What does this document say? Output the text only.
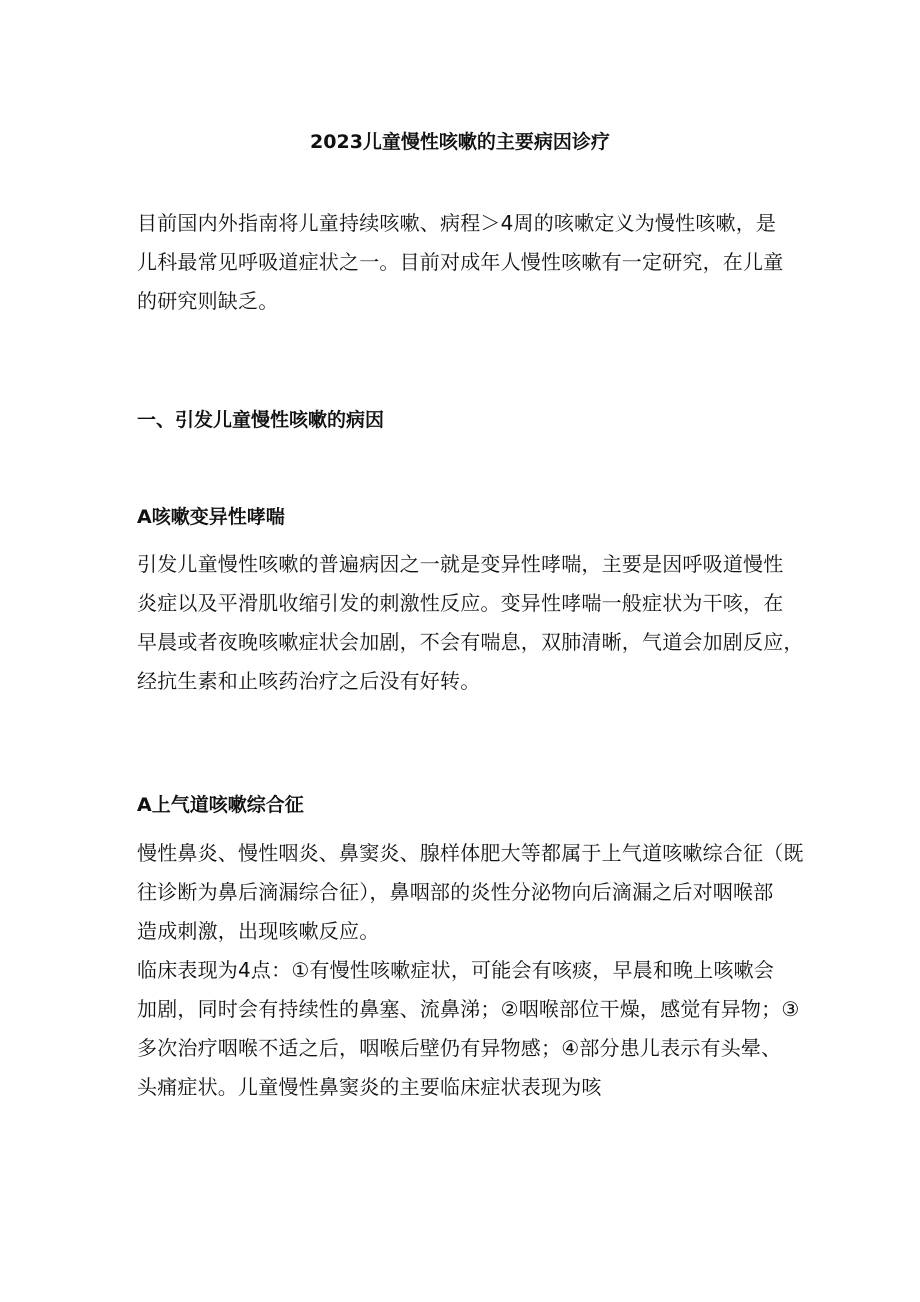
2023儿童慢性咳嗽的主要病因诊疗
目前国内外指南将儿童持续咳嗽、病程＞4周的咳嗽定义为慢性咳嗽，是
儿科最常见呼吸道症状之一。目前对成年人慢性咳嗽有一定研究，在儿童
的研究则缺乏。
一、引发儿童慢性咳嗽的病因
A咳嗽变异性哮喘
引发儿童慢性咳嗽的普遍病因之一就是变异性哮喘，主要是因呼吸道慢性
炎症以及平滑肌收缩引发的刺激性反应。变异性哮喘一般症状为干咳，在
早晨或者夜晚咳嗽症状会加剧，不会有喘息，双肺清晰，气道会加剧反应，
经抗生素和止咳药治疗之后没有好转。
A上气道咳嗽综合征
慢性鼻炎、慢性咽炎、鼻窦炎、腺样体肥大等都属于上气道咳嗽综合征（既
往诊断为鼻后滴漏综合征），鼻咽部的炎性分泌物向后滴漏之后对咽喉部
造成刺激，出现咳嗽反应。
临床表现为4点：①有慢性咳嗽症状，可能会有咳痰，早晨和晚上咳嗽会
加剧，同时会有持续性的鼻塞、流鼻涕；②咽喉部位干燥，感觉有异物；③
多次治疗咽喉不适之后，咽喉后壁仍有异物感；④部分患儿表示有头晕、
头痛症状。儿童慢性鼻窦炎的主要临床症状表现为咳
